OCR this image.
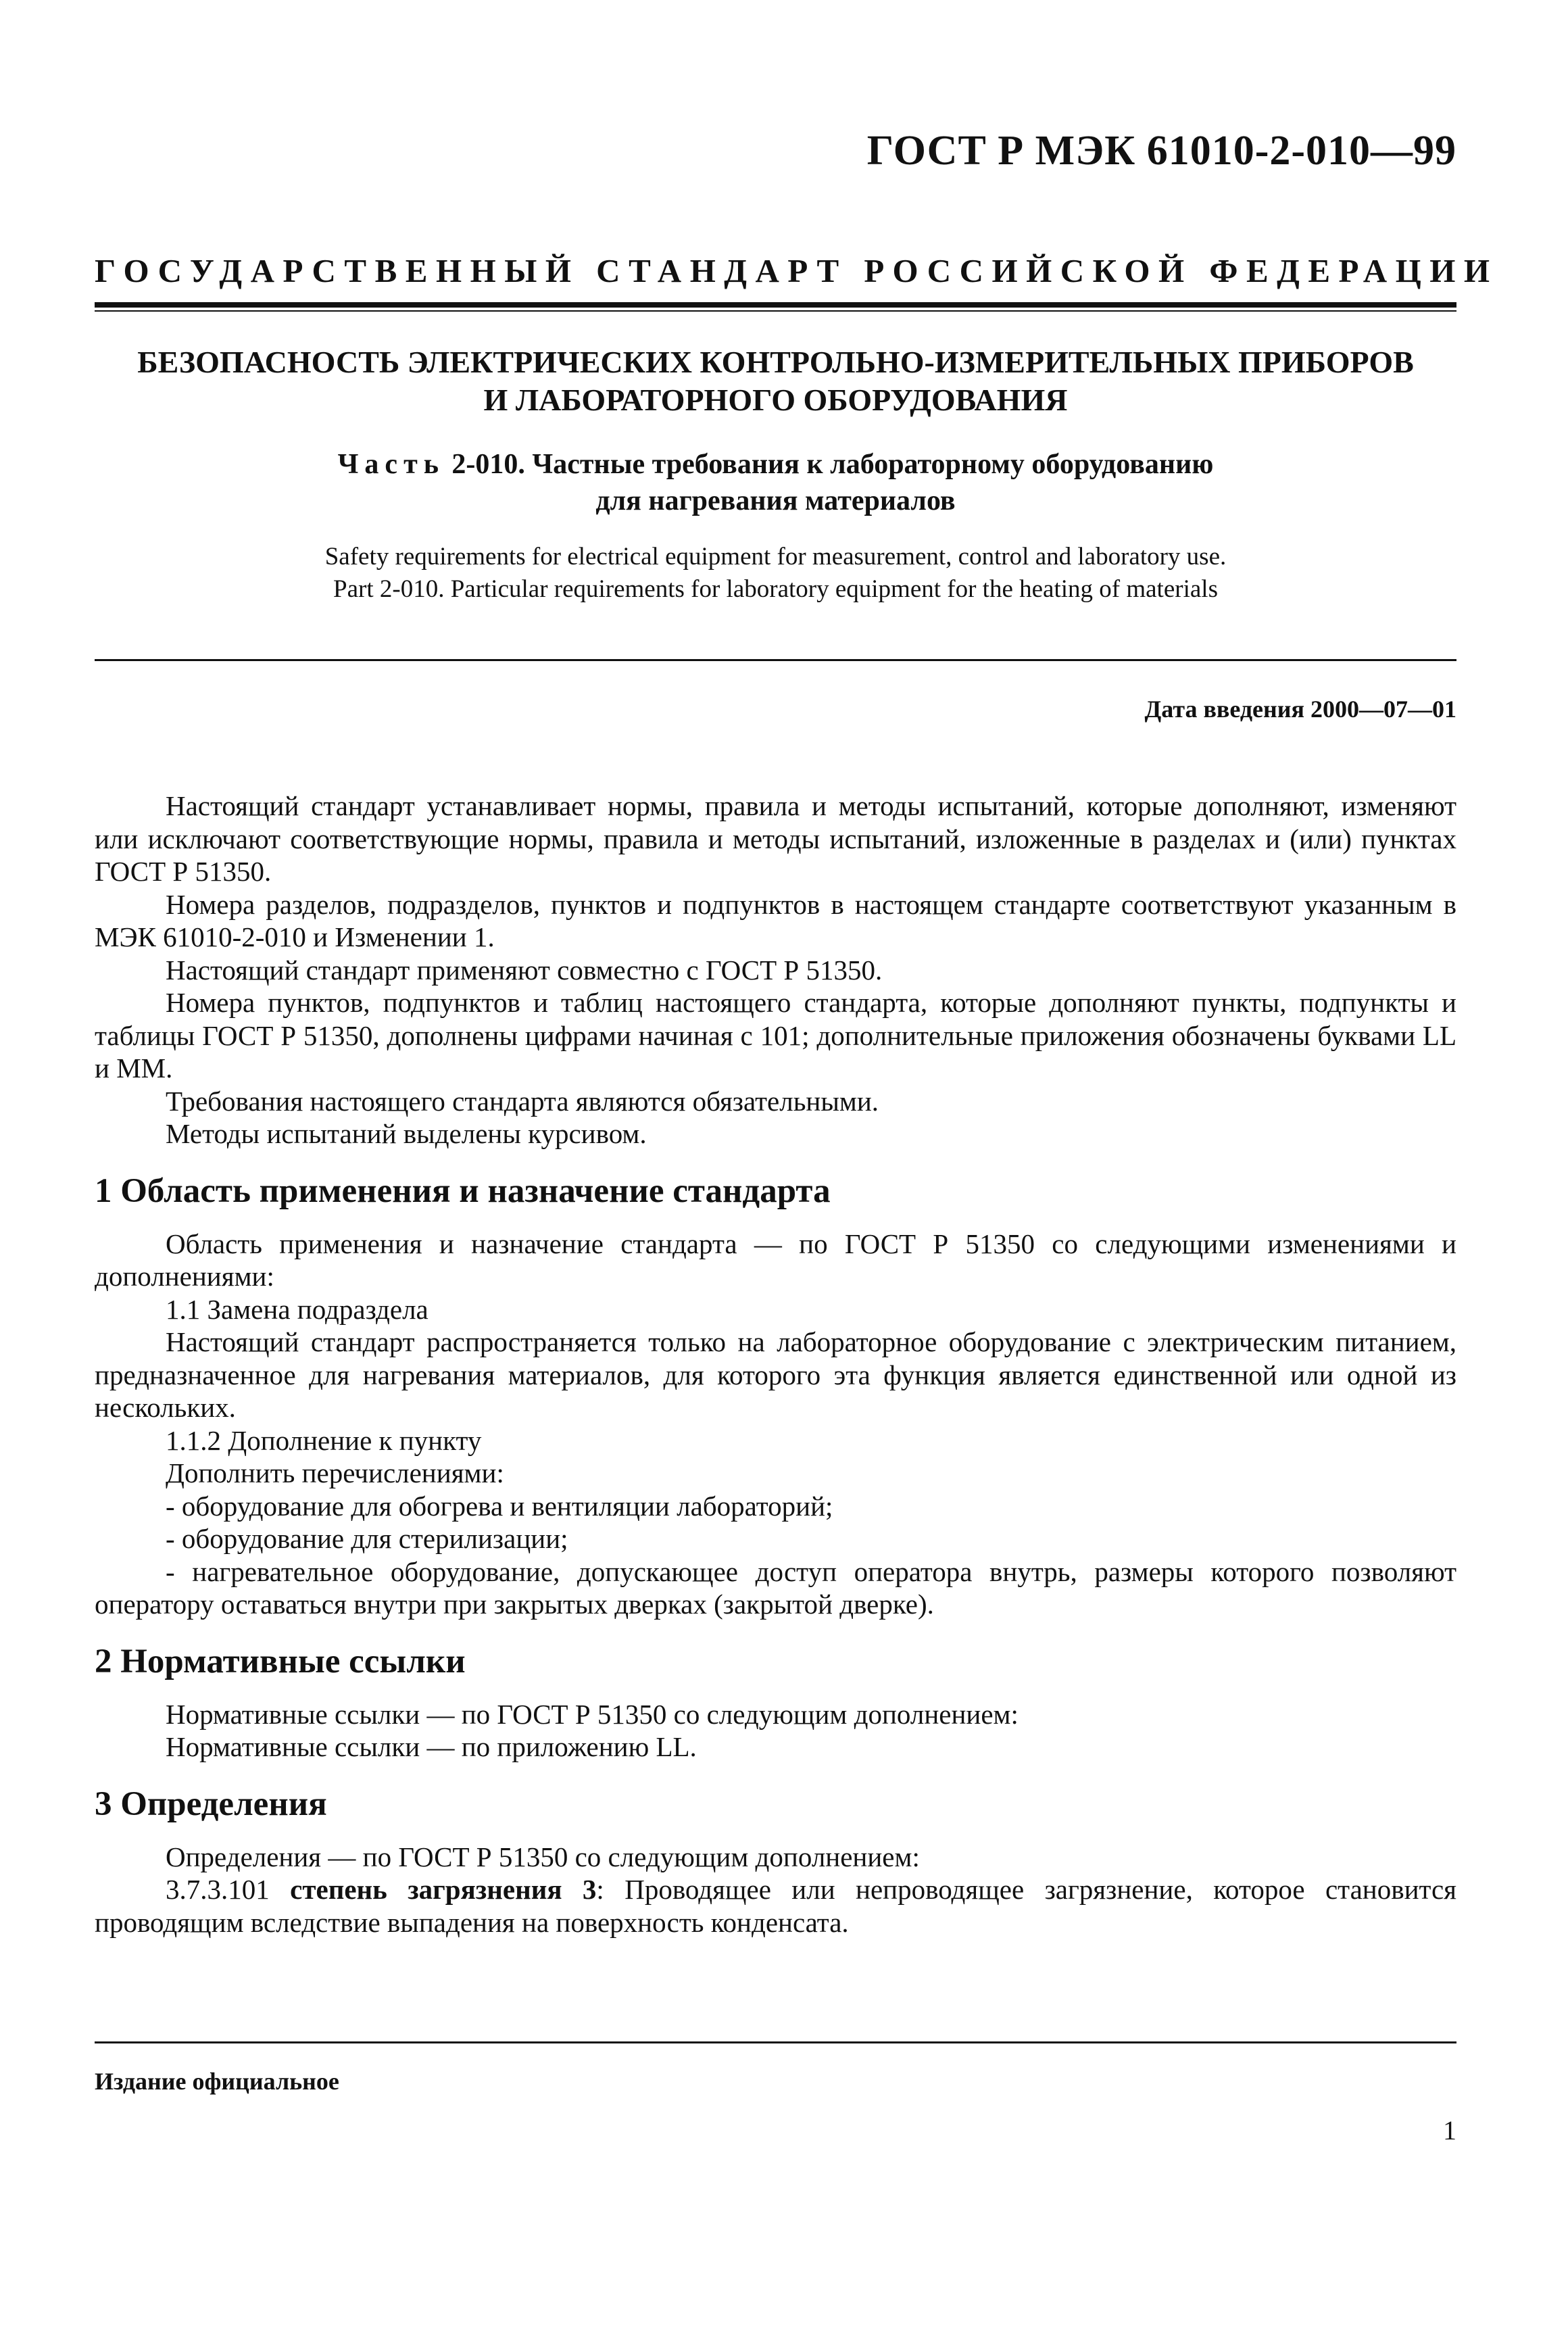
ГОСТ Р МЭК 61010-2-010—99
ГОСУДАРСТВЕННЫЙ СТАНДАРТ РОССИЙСКОЙ ФЕДЕРАЦИИ
БЕЗОПАСНОСТЬ ЭЛЕКТРИЧЕСКИХ КОНТРОЛЬНО-ИЗМЕРИТЕЛЬНЫХ ПРИБОРОВ
И ЛАБОРАТОРНОГО ОБОРУДОВАНИЯ
Часть 2-010. Частные требования к лабораторному оборудованию
для нагревания материалов
Safety requirements for electrical equipment for measurement, control and laboratory use.
Part 2-010. Particular requirements for laboratory equipment for the heating of materials
Дата введения 2000—07—01

Настоящий стандарт устанавливает нормы, правила и методы испытаний, которые дополняют, изменяют или исключают соответствующие нормы, правила и методы испытаний, изложенные в разделах и (или) пунктах ГОСТ Р 51350.

Номера разделов, подразделов, пунктов и подпунктов в настоящем стандарте соответствуют указанным в МЭК 61010-2-010 и Изменении 1.

Настоящий стандарт применяют совместно с ГОСТ Р 51350.

Номера пунктов, подпунктов и таблиц настоящего стандарта, которые дополняют пункты, подпункты и таблицы ГОСТ Р 51350, дополнены цифрами начиная с 101; дополнительные приложения обозначены буквами LL и ММ.

Требования настоящего стандарта являются обязательными.

Методы испытаний выделены курсивом.

1 Область применения и назначение стандарта

Область применения и назначение стандарта — по ГОСТ Р 51350 со следующими изменениями и дополнениями:

1.1 Замена подраздела

Настоящий стандарт распространяется только на лабораторное оборудование с электрическим питанием, предназначенное для нагревания материалов, для которого эта функция является единственной или одной из нескольких.

1.1.2 Дополнение к пункту

Дополнить перечислениями:

- оборудование для обогрева и вентиляции лабораторий;

- оборудование для стерилизации;

- нагревательное оборудование, допускающее доступ оператора внутрь, размеры которого позволяют оператору оставаться внутри при закрытых дверках (закрытой дверке).

2 Нормативные ссылки

Нормативные ссылки — по ГОСТ Р 51350 со следующим дополнением:

Нормативные ссылки — по приложению LL.

3 Определения

Определения — по ГОСТ Р 51350 со следующим дополнением:

3.7.3.101 степень загрязнения 3: Проводящее или непроводящее загрязнение, которое становится проводящим вследствие выпадения на поверхность конденсата.

Издание официальное
1
